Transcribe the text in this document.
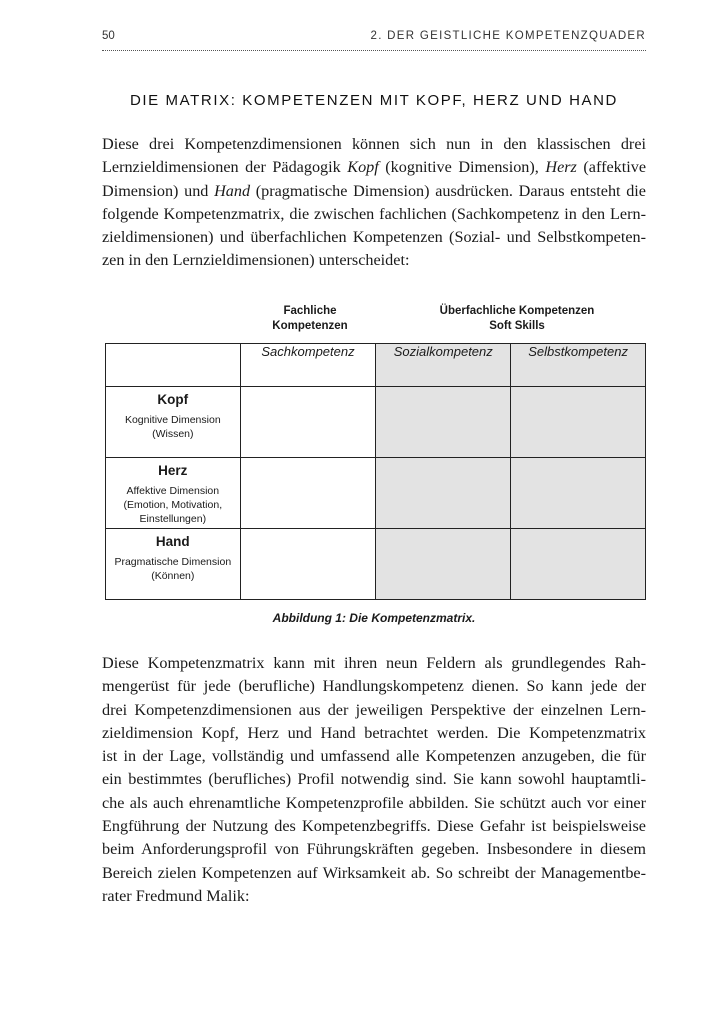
50	2. DER GEISTLICHE KOMPETENZQUADER
DIE MATRIX: KOMPETENZEN MIT KOPF, HERZ UND HAND
Diese drei Kompetenzdimensionen können sich nun in den klassischen drei
Lernzieldimensionen der Pädagogik Kopf (kognitive Dimension), Herz (affektive
Dimension) und Hand (pragmatische Dimension) ausdrücken. Daraus entsteht die
folgende Kompetenzmatrix, die zwischen fachlichen (Sachkompetenz in den Lern-
zieldimensionen) und überfachlichen Kompetenzen (Sozial- und Selbstkompeten-
zen in den Lernzieldimensionen) unterscheidet:
Fachliche
Kompetenzen
Überfachliche Kompetenzen
Soft Skills
	Sachkompetenz	Sozialkompetenz	Selbstkompetenz

Kopf
Kognitive Dimension
(Wissen)			

Herz
Affektive Dimension
(Emotion, Motivation,
Einstellungen)			

Hand
Pragmatische Dimension
(Können)			

Abbildung 1: Die Kompetenzmatrix.
Diese Kompetenzmatrix kann mit ihren neun Feldern als grundlegendes Rah-
mengerüst für jede (berufliche) Handlungskompetenz dienen. So kann jede der
drei Kompetenzdimensionen aus der jeweiligen Perspektive der einzelnen Lern-
zieldimension Kopf, Herz und Hand betrachtet werden. Die Kompetenzmatrix
ist in der Lage, vollständig und umfassend alle Kompetenzen anzugeben, die für
ein bestimmtes (berufliches) Profil notwendig sind. Sie kann sowohl hauptamtli-
che als auch ehrenamtliche Kompetenzprofile abbilden. Sie schützt auch vor einer
Engführung der Nutzung des Kompetenzbegriffs. Diese Gefahr ist beispielsweise
beim Anforderungsprofil von Führungskräften gegeben. Insbesondere in diesem
Bereich zielen Kompetenzen auf Wirksamkeit ab. So schreibt der Managementbe-
rater Fredmund Malik:
